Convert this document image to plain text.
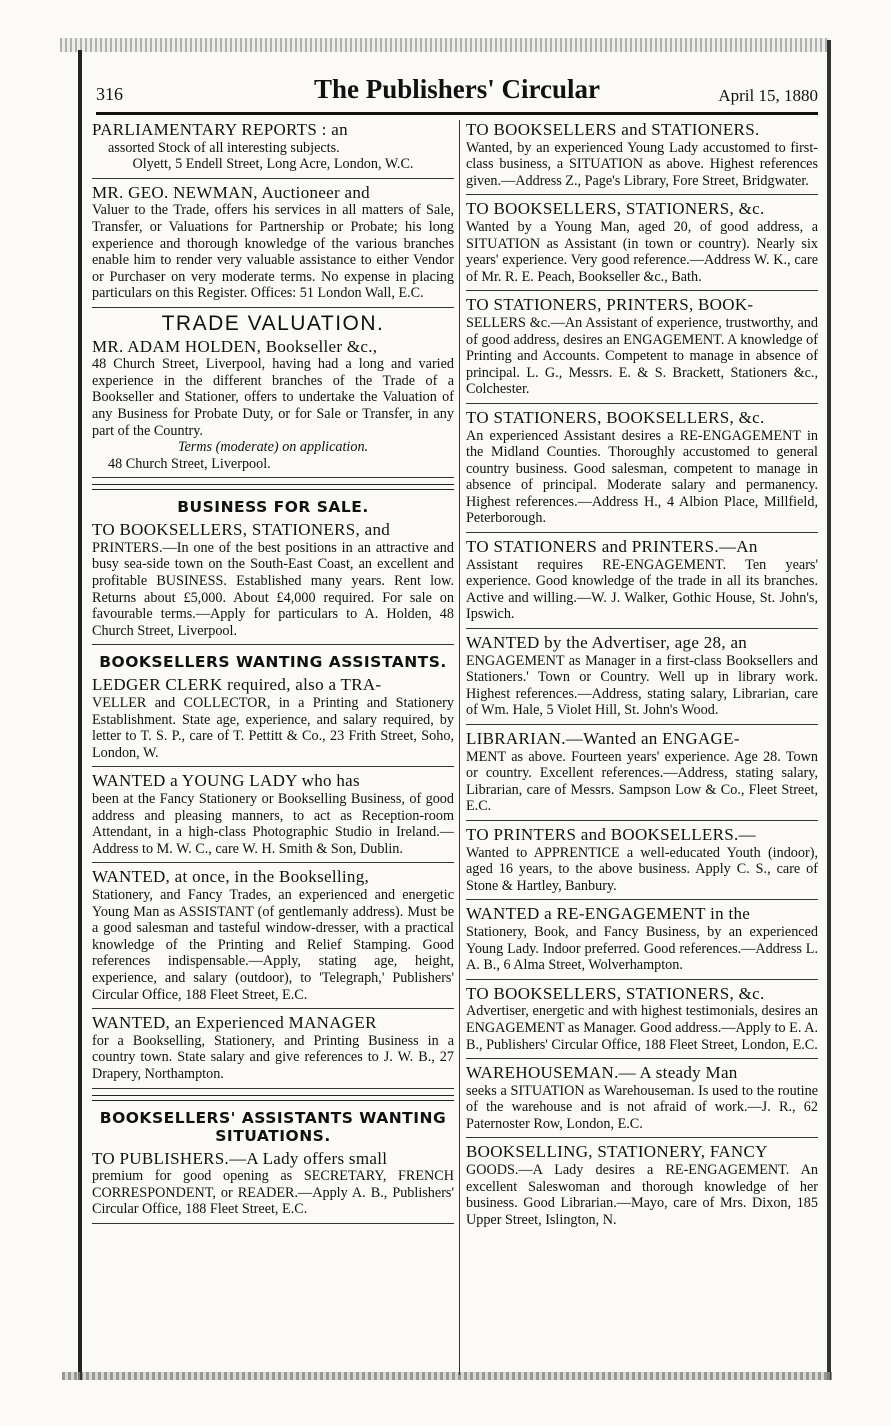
316	The Publishers' Circular	April 15, 1880

PARLIAMENTARY REPORTS : an

assorted Stock of all interesting subjects.

Olyett, 5 Endell Street, Long Acre, London, W.C.

MR. GEO. NEWMAN, Auctioneer and

Valuer to the Trade, offers his services in all matters of Sale, Transfer, or Valuations for Partnership or Probate; his long experience and thorough knowledge of the various branches enable him to render very valuable assistance to either Vendor or Purchaser on very moderate terms. No expense in placing particulars on this Register. Offices: 51 London Wall, E.C.

TRADE VALUATION.

MR. ADAM HOLDEN, Bookseller &c.,

48 Church Street, Liverpool, having had a long and varied experience in the different branches of the Trade of a Bookseller and Stationer, offers to undertake the Valuation of any Business for Probate Duty, or for Sale or Transfer, in any part of the Country.

Terms (moderate) on application.

48 Church Street, Liverpool.

BUSINESS FOR SALE.

TO BOOKSELLERS, STATIONERS, and

PRINTERS.—In one of the best positions in an attractive and busy sea-side town on the South-East Coast, an excellent and profitable BUSINESS. Established many years. Rent low. Returns about £5,000. About £4,000 required. For sale on favourable terms.—Apply for particulars to A. Holden, 48 Church Street, Liverpool.

BOOKSELLERS WANTING ASSISTANTS.

LEDGER CLERK required, also a TRA-

VELLER and COLLECTOR, in a Printing and Stationery Establishment. State age, experience, and salary required, by letter to T. S. P., care of T. Pettitt & Co., 23 Frith Street, Soho, London, W.

WANTED a YOUNG LADY who has

been at the Fancy Stationery or Bookselling Business, of good address and pleasing manners, to act as Reception-room Attendant, in a high-class Photographic Studio in Ireland.—Address to M. W. C., care W. H. Smith & Son, Dublin.

WANTED, at once, in the Bookselling,

Stationery, and Fancy Trades, an experienced and energetic Young Man as ASSISTANT (of gentlemanly address). Must be a good salesman and tasteful window-dresser, with a practical knowledge of the Printing and Relief Stamping. Good references indispensable.—Apply, stating age, height, experience, and salary (outdoor), to 'Telegraph,' Publishers' Circular Office, 188 Fleet Street, E.C.

WANTED, an Experienced MANAGER

for a Bookselling, Stationery, and Printing Business in a country town. State salary and give references to J. W. B., 27 Drapery, Northampton.

BOOKSELLERS' ASSISTANTS WANTING SITUATIONS.

TO PUBLISHERS.—A Lady offers small

premium for good opening as SECRETARY, FRENCH CORRESPONDENT, or READER.—Apply A. B., Publishers' Circular Office, 188 Fleet Street, E.C.

TO BOOKSELLERS and STATIONERS.

Wanted, by an experienced Young Lady accustomed to first-class business, a SITUATION as above. Highest references given.—Address Z., Page's Library, Fore Street, Bridgwater.

TO BOOKSELLERS, STATIONERS, &c.

Wanted by a Young Man, aged 20, of good address, a SITUATION as Assistant (in town or country). Nearly six years' experience. Very good reference.—Address W. K., care of Mr. R. E. Peach, Bookseller &c., Bath.

TO STATIONERS, PRINTERS, BOOK-

SELLERS &c.—An Assistant of experience, trustworthy, and of good address, desires an ENGAGEMENT. A knowledge of Printing and Accounts. Competent to manage in absence of principal. L. G., Messrs. E. & S. Brackett, Stationers &c., Colchester.

TO STATIONERS, BOOKSELLERS, &c.

An experienced Assistant desires a RE-ENGAGEMENT in the Midland Counties. Thoroughly accustomed to general country business. Good salesman, competent to manage in absence of principal. Moderate salary and permanency. Highest references.—Address H., 4 Albion Place, Millfield, Peterborough.

TO STATIONERS and PRINTERS.—An

Assistant requires RE-ENGAGEMENT. Ten years' experience. Good knowledge of the trade in all its branches. Active and willing.—W. J. Walker, Gothic House, St. John's, Ipswich.

WANTED by the Advertiser, age 28, an

ENGAGEMENT as Manager in a first-class Booksellers and Stationers.' Town or Country. Well up in library work. Highest references.—Address, stating salary, Librarian, care of Wm. Hale, 5 Violet Hill, St. John's Wood.

LIBRARIAN.—Wanted an ENGAGE-

MENT as above. Fourteen years' experience. Age 28. Town or country. Excellent references.—Address, stating salary, Librarian, care of Messrs. Sampson Low & Co., Fleet Street, E.C.

TO PRINTERS and BOOKSELLERS.—

Wanted to APPRENTICE a well-educated Youth (indoor), aged 16 years, to the above business. Apply C. S., care of Stone & Hartley, Banbury.

WANTED a RE-ENGAGEMENT in the

Stationery, Book, and Fancy Business, by an experienced Young Lady. Indoor preferred. Good references.—Address L. A. B., 6 Alma Street, Wolverhampton.

TO BOOKSELLERS, STATIONERS, &c.

Advertiser, energetic and with highest testimonials, desires an ENGAGEMENT as Manager. Good address.—Apply to E. A. B., Publishers' Circular Office, 188 Fleet Street, London, E.C.

WAREHOUSEMAN.— A steady Man

seeks a SITUATION as Warehouseman. Is used to the routine of the warehouse and is not afraid of work.—J. R., 62 Paternoster Row, London, E.C.

BOOKSELLING, STATIONERY, FANCY

GOODS.—A Lady desires a RE-ENGAGEMENT. An excellent Saleswoman and thorough knowledge of her business. Good Librarian.—Mayo, care of Mrs. Dixon, 185 Upper Street, Islington, N.
